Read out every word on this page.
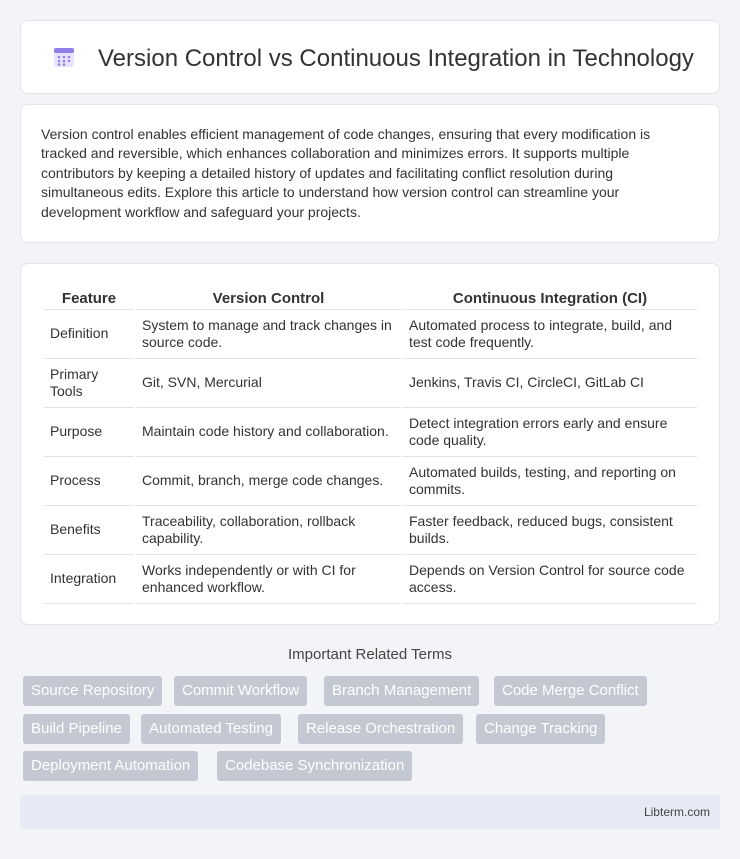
Version Control vs Continuous Integration in Technology

Version control enables efficient management of code changes, ensuring that every modification is tracked and reversible, which enhances collaboration and minimizes errors. It supports multiple contributors by keeping a detailed history of updates and facilitating conflict resolution during simultaneous edits. Explore this article to understand how version control can streamline your development workflow and safeguard your projects.

Feature	Version Control	Continuous Integration (CI)
Definition	System to manage and track changes in source code.	Automated process to integrate, build, and test code frequently.
Primary Tools	Git, SVN, Mercurial	Jenkins, Travis CI, CircleCI, GitLab CI
Purpose	Maintain code history and collaboration.	Detect integration errors early and ensure code quality.
Process	Commit, branch, merge code changes.	Automated builds, testing, and reporting on commits.
Benefits	Traceability, collaboration, rollback capability.	Faster feedback, reduced bugs, consistent builds.
Integration	Works independently or with CI for enhanced workflow.	Depends on Version Control for source code access.
Important Related Terms
Source Repository	Commit Workflow	Branch Management	Code Merge Conflict
Build Pipeline	Automated Testing	Release Orchestration	Change Tracking
Deployment Automation	Codebase Synchronization
Libterm.com
